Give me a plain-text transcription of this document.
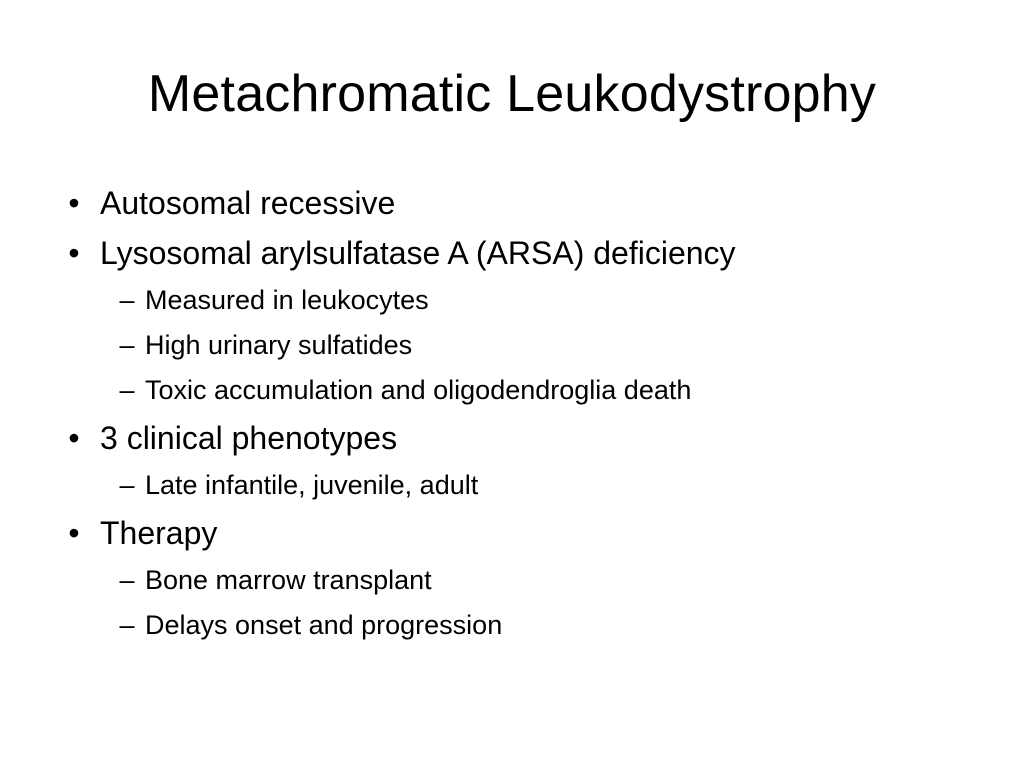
Metachromatic Leukodystrophy
• Autosomal recessive
• Lysosomal arylsulfatase A (ARSA) deficiency
– Measured in leukocytes
– High urinary sulfatides
– Toxic accumulation and oligodendroglia death
• 3 clinical phenotypes
– Late infantile, juvenile, adult
• Therapy
– Bone marrow transplant
– Delays onset and progression
